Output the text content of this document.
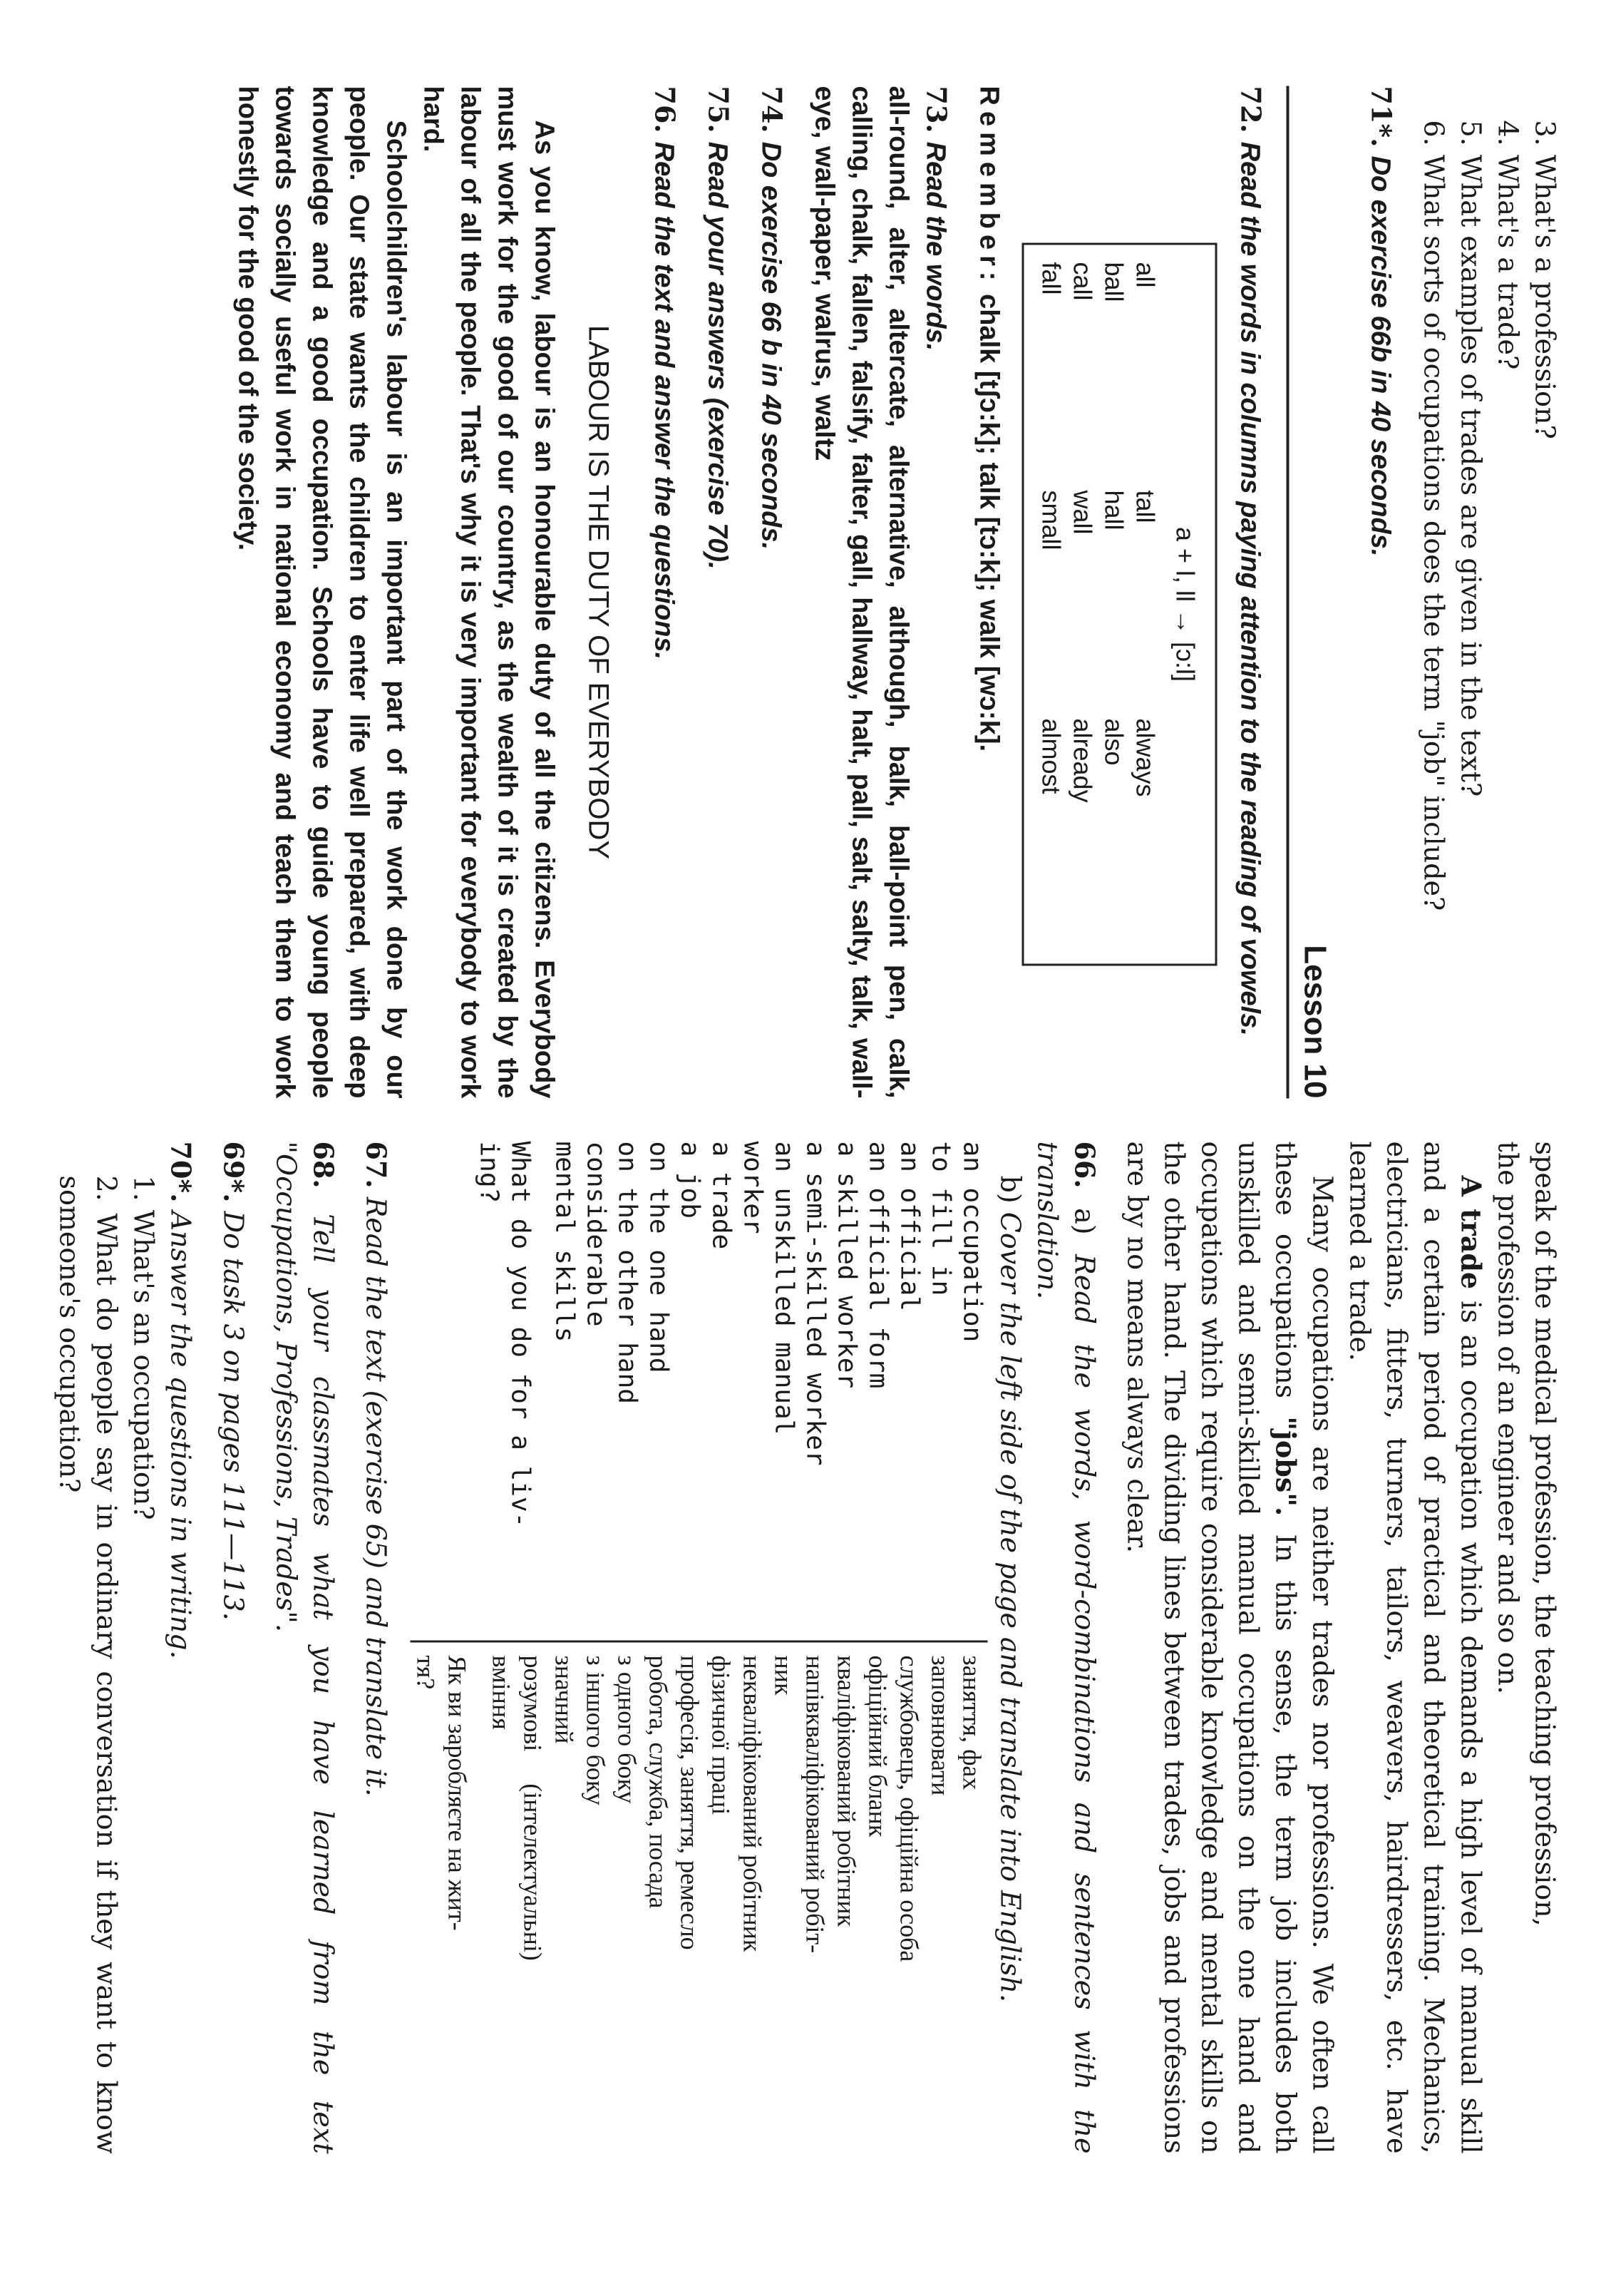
speak of the medical profession, the teaching profession,

the profession of an engineer and so on.

A trade is an occupation which demands a high level of manual skill and a certain period of practical and theoretical training. Mechanics, electricians, fitters, turners, tailors, weavers, hairdressers, etc. have learned a trade.

Many occupations are neither trades nor professions. We often call these occupations "jobs". In this sense, the term job includes both unskilled and semi-skilled manual occupations on the one hand and occupations which require considerable knowledge and mental skills on the other hand. The dividing lines between trades, jobs and professions are by no means always clear.

66. a) Read the words, word-combinations and sentences with the translation.

b) Cover the left side of the page and translate into English.

an occupation
to fill in
an official
an official form
a skilled worker
a semi-skilled worker
an unskilled manual
worker
a trade
a job
on the one hand
on the other hand
considerable
mental skills
What do you do for a liv-
ing?
заняття, фах
заповнювати
службовець, офіційна особа
офіційний бланк
кваліфікований робітник
напівкваліфікований робіт-
ник
некваліфікований робітник
фізичної праці
професія, заняття, ремесло
робота, служба, посада
з одного боку
з іншого боку
значний
розумові     (інтелектуальні)
вміння
Як ви заробляєте на жит-
тя?

67. Read the text (exercise 65) and translate it.

68. Tell your classmates what you have learned from the text "Occupations, Professions, Trades".

69*. Do task 3 on pages 111—113.

70*. Answer the questions in writing.

1. What's an occupation?

2. What do people say in ordinary conversation if they want to know someone's occupation?

3. What's a profession?

4. What's a trade?

5. What examples of trades are given in the text?

6. What sorts of occupations does the term "job" include?

71*. Do exercise 66b in 40 seconds.

Lesson 10

72. Read the words in columns paying attention to the reading of vowels.

a + l, ll → [ɔ:l]
all
ball
call
fall
tall
hall
wall
small
always
also
already
almost

Remember: chalk [tʃɔ:k]; talk [tɔ:k]; walk [wɔ:k].

73. Read the words.

all-round, alter, altercate, alternative, although, balk, ball-point pen, calk, calling, chalk, fallen, falsify, falter, gall, hallway, halt, pall, salt, salty, talk, wall-eye, wall-paper, walrus, waltz

74. Do exercise 66 b in 40 seconds.

75. Read your answers (exercise 70).

76. Read the text and answer the questions.

LABOUR IS THE DUTY OF EVERYBODY

As you know, labour is an honourable duty of all the citizens. Everybody must work for the good of our country, as the wealth of it is created by the labour of all the people. That's why it is very important for everybody to work hard.

Schoolchildren's labour is an important part of the work done by our people. Our state wants the children to enter life well prepared, with deep knowledge and a good occupation. Schools have to guide young people towards socially useful work in national economy and teach them to work honestly for the good of the society.
